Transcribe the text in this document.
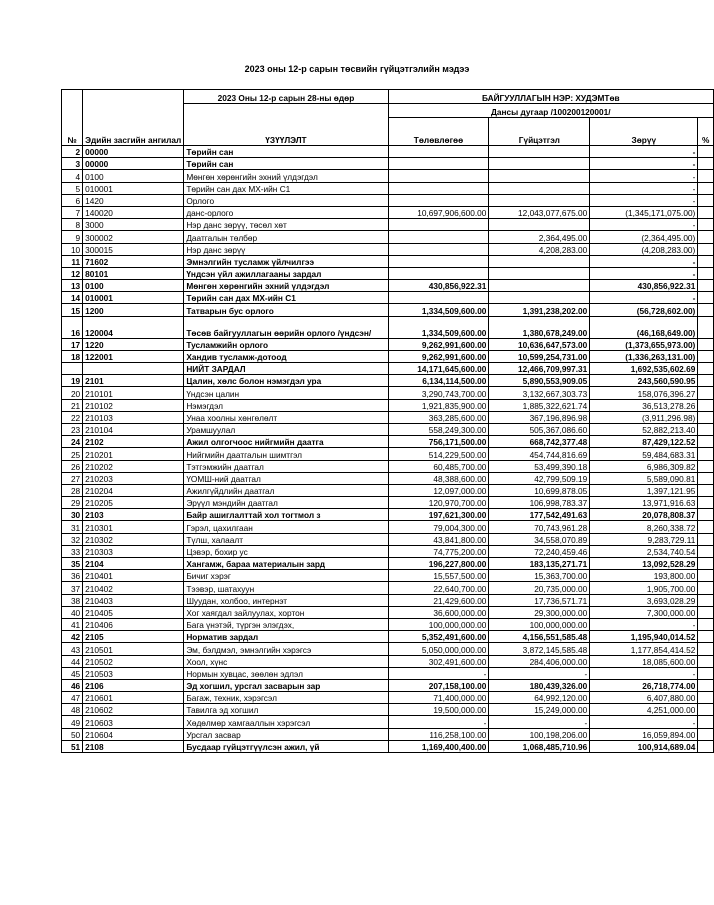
2023 оны 12-р сарын төсвийн гүйцэтгэлийн мэдээ
№	Эдийн засгийн ангилал	2023 Оны 12-р сарын 28-ны өдөр	БАЙГУУЛЛАГЫН НЭР: ХУДЭМТөв			
		ҮЗҮҮЛЭЛТ	Дансы дугаар /100200120001/			
			Төлөвлөгөө	Гүйцэтгэл	Зөрүү	%
2	00000	Төрийн сан			-	
3	00000	Төрийн сан			-	
4	0100	Мөнгөн хөрөнгийн эхний үлдэгдэл			-	
5	010001	Төрийн сан дах МХ-ийн С1			-	
6	1420	Орлого			-	
7	140020	данс-орлого	10,697,906,600.00	12,043,077,675.00	(1,345,171,075.00)	
8	3000	Нэр данс зөрүү, төсөл хөт			-	
9	300002	Даатгалын төлбөр		2,364,495.00	(2,364,495.00)	
10	300015	Нэр данс зөрүү		4,208,283.00	(4,208,283.00)	
11	71602	Эмнэлгийн тусламж үйлчилгээ			-	
12	80101	Үндсэн үйл ажиллагааны зардал			-	
13	0100	Мөнгөн хөрөнгийн эхний үлдэгдэл	430,856,922.31		430,856,922.31	
14	010001	Төрийн сан дах МХ-ийн С1			-	
15	1200	Татварын бус орлого	1,334,509,600.00	1,391,238,202.00	(56,728,602.00)	
16	120004	Төсөв байгууллагын өөрийн орлого /үндсэн/	1,334,509,600.00	1,380,678,249.00	(46,168,649.00)	
17	1220	Тусламжийн орлого	9,262,991,600.00	10,636,647,573.00	(1,373,655,973.00)	
18	122001	Хандив тусламж-дотоод	9,262,991,600.00	10,599,254,731.00	(1,336,263,131.00)	
		НИЙТ ЗАРДАЛ	14,171,645,600.00	12,466,709,997.31	1,692,535,602.69	
19	2101	Цалин, хөлс болон нэмэгдэл ура	6,134,114,500.00	5,890,553,909.05	243,560,590.95	
20	210101	Үндсэн цалин	3,290,743,700.00	3,132,667,303.73	158,076,396.27	
21	210102	Нэмэгдэл	1,921,835,900.00	1,885,322,621.74	36,513,278.26	
22	210103	Унаа хоолны хөнгөлөлт	363,285,600.00	367,196,896.98	(3,911,296.98)	
23	210104	Урамшуулал	558,249,300.00	505,367,086.60	52,882,213.40	
24	2102	Ажил олгогчоос нийгмийн даатга	756,171,500.00	668,742,377.48	87,429,122.52	
25	210201	Нийгмийн даатгалын шимтгэл	514,229,500.00	454,744,816.69	59,484,683.31	
26	210202	Тэтгэмжийн даатгал	60,485,700.00	53,499,390.18	6,986,309.82	
27	210203	ҮОМШ-ний даатгал	48,388,600.00	42,799,509.19	5,589,090.81	
28	210204	Ажилгүйдлийн даатгал	12,097,000.00	10,699,878.05	1,397,121.95	
29	210205	Эрүүл мэндийн даатгал	120,970,700.00	106,998,783.37	13,971,916.63	
30	2103	Байр ашиглалттай хол тогтмол з	197,621,300.00	177,542,491.63	20,078,808.37	
31	210301	Гэрэл, цахилгаан	79,004,300.00	70,743,961.28	8,260,338.72	
32	210302	Түлш, халаалт	43,841,800.00	34,558,070.89	9,283,729.11	
33	210303	Цэвэр, бохир ус	74,775,200.00	72,240,459.46	2,534,740.54	
35	2104	Хангамж, бараа материалын зард	196,227,800.00	183,135,271.71	13,092,528.29	
36	210401	Бичиг хэрэг	15,557,500.00	15,363,700.00	193,800.00	
37	210402	Тээвэр, шатахуун	22,640,700.00	20,735,000.00	1,905,700.00	
38	210403	Шуудан, холбоо, интернэт	21,429,600.00	17,736,571.71	3,693,028.29	
40	210405	Хог хаягдал зайлуулах, хортон	36,600,000.00	29,300,000.00	7,300,000.00	
41	210406	Бага үнэтэй, түргэн элэгдэх,	100,000,000.00	100,000,000.00	-	
42	2105	Норматив зардал	5,352,491,600.00	4,156,551,585.48	1,195,940,014.52	
43	210501	Эм, бэлдмэл, эмнэлгийн хэрэгсэ	5,050,000,000.00	3,872,145,585.48	1,177,854,414.52	
44	210502	Хоол, хүнс	302,491,600.00	284,406,000.00	18,085,600.00	
45	210503	Нормын хувцас, зөөлөн эдлэл	-	-	-	
46	2106	Эд хогшил, урсгал засварын зар	207,158,100.00	180,439,326.00	26,718,774.00	
47	210601	Багаж, техник, хэрэгсэл	71,400,000.00	64,992,120.00	6,407,880.00	
48	210602	Тавилга эд хогшил	19,500,000.00	15,249,000.00	4,251,000.00	
49	210603	Хөдөлмөр хамгааллын хэрэгсэл	-	-	-	
50	210604	Урсгал засвар	116,258,100.00	100,198,206.00	16,059,894.00	
51	2108	Бусдаар гүйцэтгүүлсэн ажил, үй	1,169,400,400.00	1,068,485,710.96	100,914,689.04	
